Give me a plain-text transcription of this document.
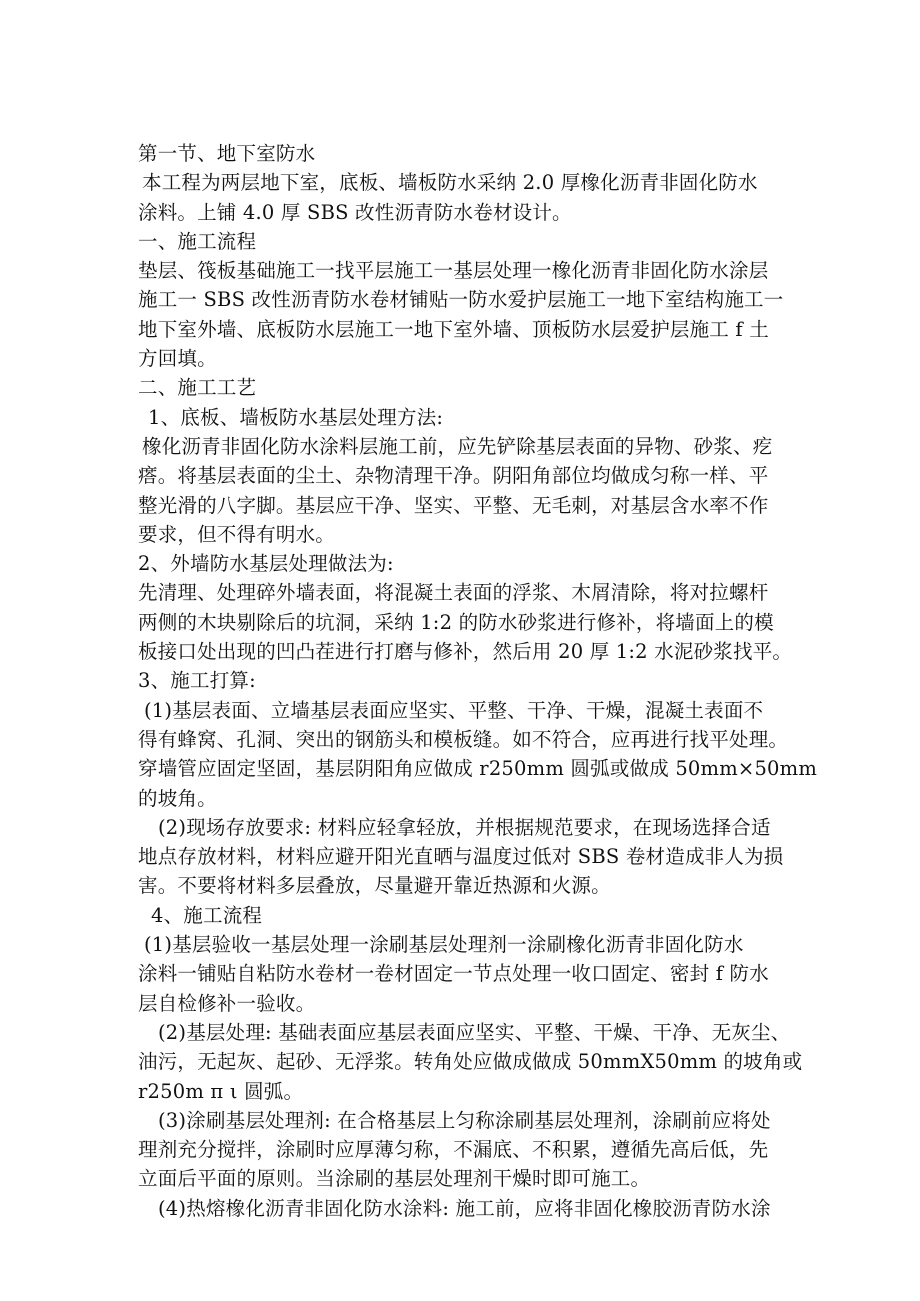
第一节、地下室防水
本工程为两层地下室，底板、墙板防水采纳 2.0 厚橡化沥青非固化防水
涂料。上铺 4.0 厚 SBS 改性沥青防水卷材设计。
一、施工流程
垫层、筏板基础施工一找平层施工一基层处理一橡化沥青非固化防水涂层
施工一 SBS 改性沥青防水卷材铺贴一防水爱护层施工一地下室结构施工一
地下室外墙、底板防水层施工一地下室外墙、顶板防水层爱护层施工 f 土
方回填。
二、施工工艺
1、底板、墙板防水基层处理方法:
橡化沥青非固化防水涂料层施工前，应先铲除基层表面的异物、砂浆、疙
瘩。将基层表面的尘土、杂物清理干净。阴阳角部位均做成匀称一样、平
整光滑的八字脚。基层应干净、坚实、平整、无毛刺，对基层含水率不作
要求，但不得有明水。
2、外墙防水基层处理做法为:
先清理、处理碎外墙表面，将混凝土表面的浮浆、木屑清除，将对拉螺杆
两侧的木块剔除后的坑洞，采纳 1:2 的防水砂浆进行修补，将墙面上的模
板接口处出现的凹凸茬进行打磨与修补，然后用 20 厚 1:2 水泥砂浆找平。
3、施工打算:
(1)基层表面、立墙基层表面应坚实、平整、干净、干燥，混凝土表面不
得有蜂窝、孔洞、突出的钢筋头和模板缝。如不符合，应再进行找平处理。
穿墙管应固定坚固，基层阴阳角应做成 r250mm 圆弧或做成 50mm×50mm
的坡角。
(2)现场存放要求: 材料应轻拿轻放，并根据规范要求，在现场选择合适
地点存放材料，材料应避开阳光直晒与温度过低对 SBS 卷材造成非人为损
害。不要将材料多层叠放，尽量避开靠近热源和火源。
4、施工流程
(1)基层验收一基层处理一涂刷基层处理剂一涂刷橡化沥青非固化防水
涂料一铺贴自粘防水卷材一卷材固定一节点处理一收口固定、密封 f 防水
层自检修补一验收。
(2)基层处理: 基础表面应基层表面应坚实、平整、干燥、干净、无灰尘、
油污，无起灰、起砂、无浮浆。转角处应做成做成 50mmX50mm 的坡角或
r250m π ι 圆弧。
(3)涂刷基层处理剂: 在合格基层上匀称涂刷基层处理剂，涂刷前应将处
理剂充分搅拌，涂刷时应厚薄匀称，不漏底、不积累，遵循先高后低，先
立面后平面的原则。当涂刷的基层处理剂干燥时即可施工。
(4)热熔橡化沥青非固化防水涂料: 施工前，应将非固化橡胶沥青防水涂
